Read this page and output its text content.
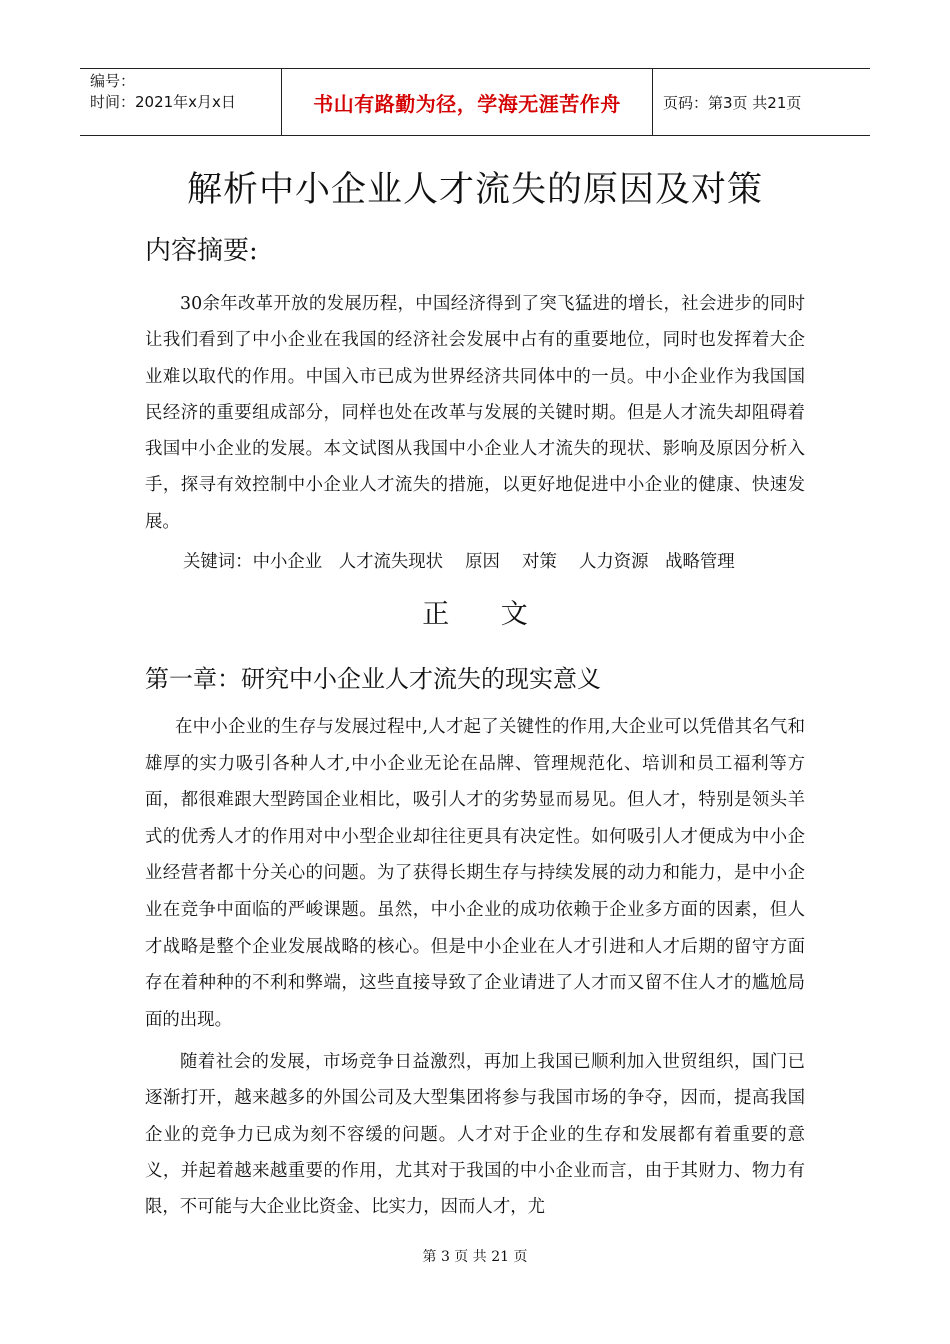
编号：
时间：2021年x月x日	书山有路勤为径，学海无涯苦作舟	页码：第3页 共21页
解析中小企业人才流失的原因及对策
内容摘要:

30余年改革开放的发展历程，中国经济得到了突飞猛进的增长，社会进步的同时让我们看到了中小企业在我国的经济社会发展中占有的重要地位，同时也发挥着大企业难以取代的作用。中国入市已成为世界经济共同体中的一员。中小企业作为我国国民经济的重要组成部分，同样也处在改革与发展的关键时期。但是人才流失却阻碍着我国中小企业的发展。本文试图从我国中小企业人才流失的现状、影响及原因分析入手，探寻有效控制中小企业人才流失的措施，以更好地促进中小企业的健康、快速发展。

关键词：中小企业   人才流失现状    原因    对策    人力资源   战略管理
正      文
第一章：研究中小企业人才流失的现实意义

在中小企业的生存与发展过程中,人才起了关键性的作用,大企业可以凭借其名气和雄厚的实力吸引各种人才,中小企业无论在品牌、管理规范化、培训和员工福利等方面，都很难跟大型跨国企业相比，吸引人才的劣势显而易见。但人才，特别是领头羊式的优秀人才的作用对中小型企业却往往更具有决定性。如何吸引人才便成为中小企业经营者都十分关心的问题。为了获得长期生存与持续发展的动力和能力，是中小企业在竞争中面临的严峻课题。虽然，中小企业的成功依赖于企业多方面的因素，但人才战略是整个企业发展战略的核心。但是中小企业在人才引进和人才后期的留守方面存在着种种的不利和弊端，这些直接导致了企业请进了人才而又留不住人才的尴尬局面的出现。

随着社会的发展，市场竞争日益激烈，再加上我国已顺利加入世贸组织，国门已逐渐打开，越来越多的外国公司及大型集团将参与我国市场的争夺，因而，提高我国企业的竞争力已成为刻不容缓的问题。人才对于企业的生存和发展都有着重要的意义，并起着越来越重要的作用，尤其对于我国的中小企业而言，由于其财力、物力有限，不可能与大企业比资金、比实力，因而人才，尤

第 3 页 共 21 页
